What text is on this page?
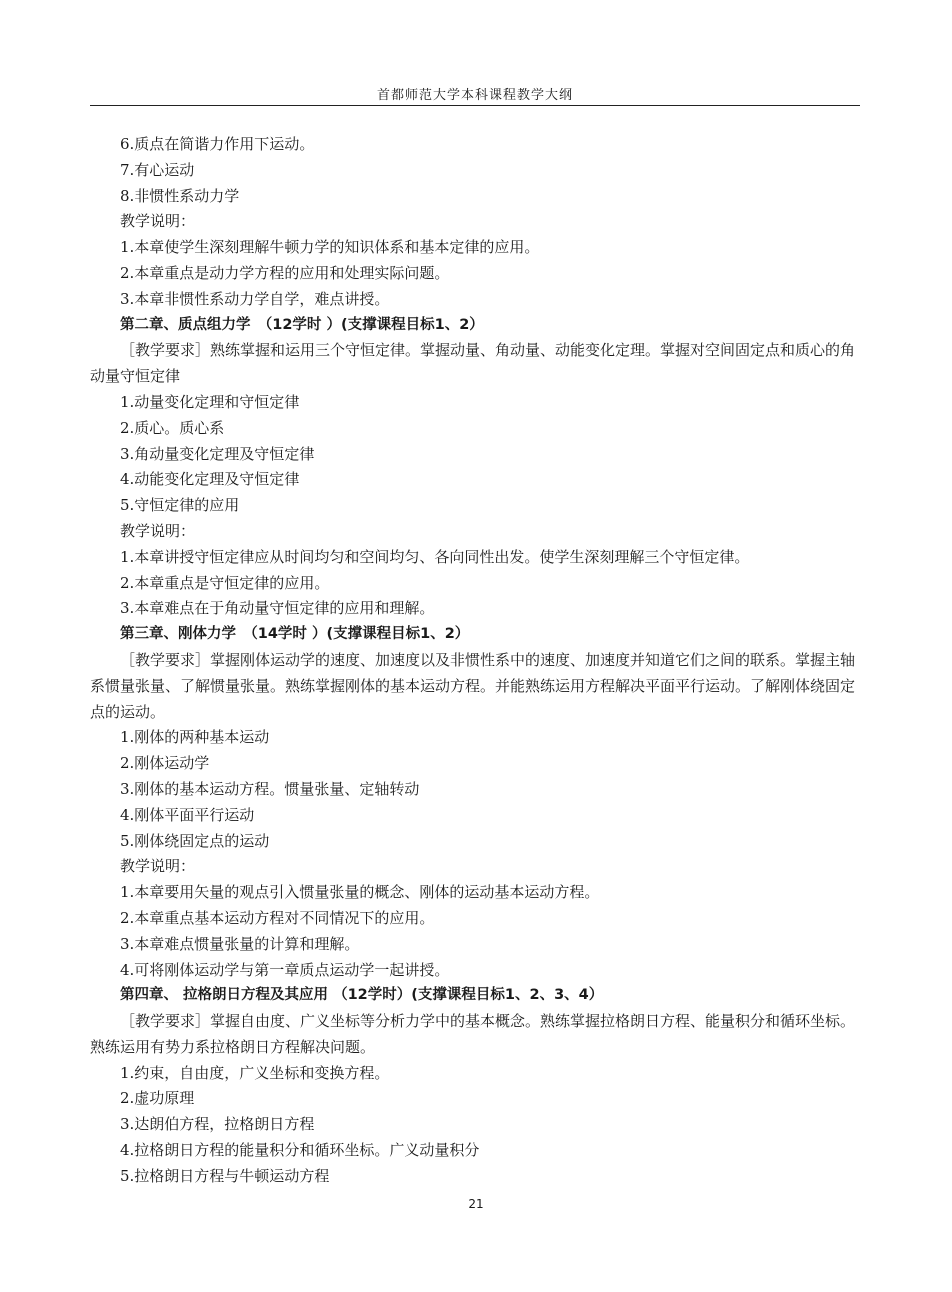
首都师范大学本科课程教学大纲

6.质点在简谐力作用下运动。

7.有心运动

8.非惯性系动力学

教学说明：

1.本章使学生深刻理解牛顿力学的知识体系和基本定律的应用。

2.本章重点是动力学方程的应用和处理实际问题。

3.本章非惯性系动力学自学，难点讲授。

第二章、质点组力学　（12学时 ）(支撑课程目标1、2）

［教学要求］熟练掌握和运用三个守恒定律。掌握动量、角动量、动能变化定理。掌握对空间固定点和质心的角动量守恒定律

1.动量变化定理和守恒定律

2.质心。质心系

3.角动量变化定理及守恒定律

4.动能变化定理及守恒定律

5.守恒定律的应用

教学说明：

1.本章讲授守恒定律应从时间均匀和空间均匀、各向同性出发。使学生深刻理解三个守恒定律。

2.本章重点是守恒定律的应用。

3.本章难点在于角动量守恒定律的应用和理解。

第三章、刚体力学　（14学时 ）(支撑课程目标1、2）

［教学要求］掌握刚体运动学的速度、加速度以及非惯性系中的速度、加速度并知道它们之间的联系。掌握主轴系惯量张量、了解惯量张量。熟练掌握刚体的基本运动方程。并能熟练运用方程解决平面平行运动。了解刚体绕固定点的运动。

1.刚体的两种基本运动

2.刚体运动学

3.刚体的基本运动方程。惯量张量、定轴转动

4.刚体平面平行运动

5.刚体绕固定点的运动

教学说明：

1.本章要用矢量的观点引入惯量张量的概念、刚体的运动基本运动方程。

2.本章重点基本运动方程对不同情况下的应用。

3.本章难点惯量张量的计算和理解。

4.可将刚体运动学与第一章质点运动学一起讲授。

第四章、 拉格朗日方程及其应用 （12学时）(支撑课程目标1、2、3、4）

［教学要求］掌握自由度、广义坐标等分析力学中的基本概念。熟练掌握拉格朗日方程、能量积分和循环坐标。熟练运用有势力系拉格朗日方程解决问题。

1.约束，自由度，广义坐标和变换方程。

2.虚功原理

3.达朗伯方程，拉格朗日方程

4.拉格朗日方程的能量积分和循环坐标。广义动量积分

5.拉格朗日方程与牛顿运动方程

21
